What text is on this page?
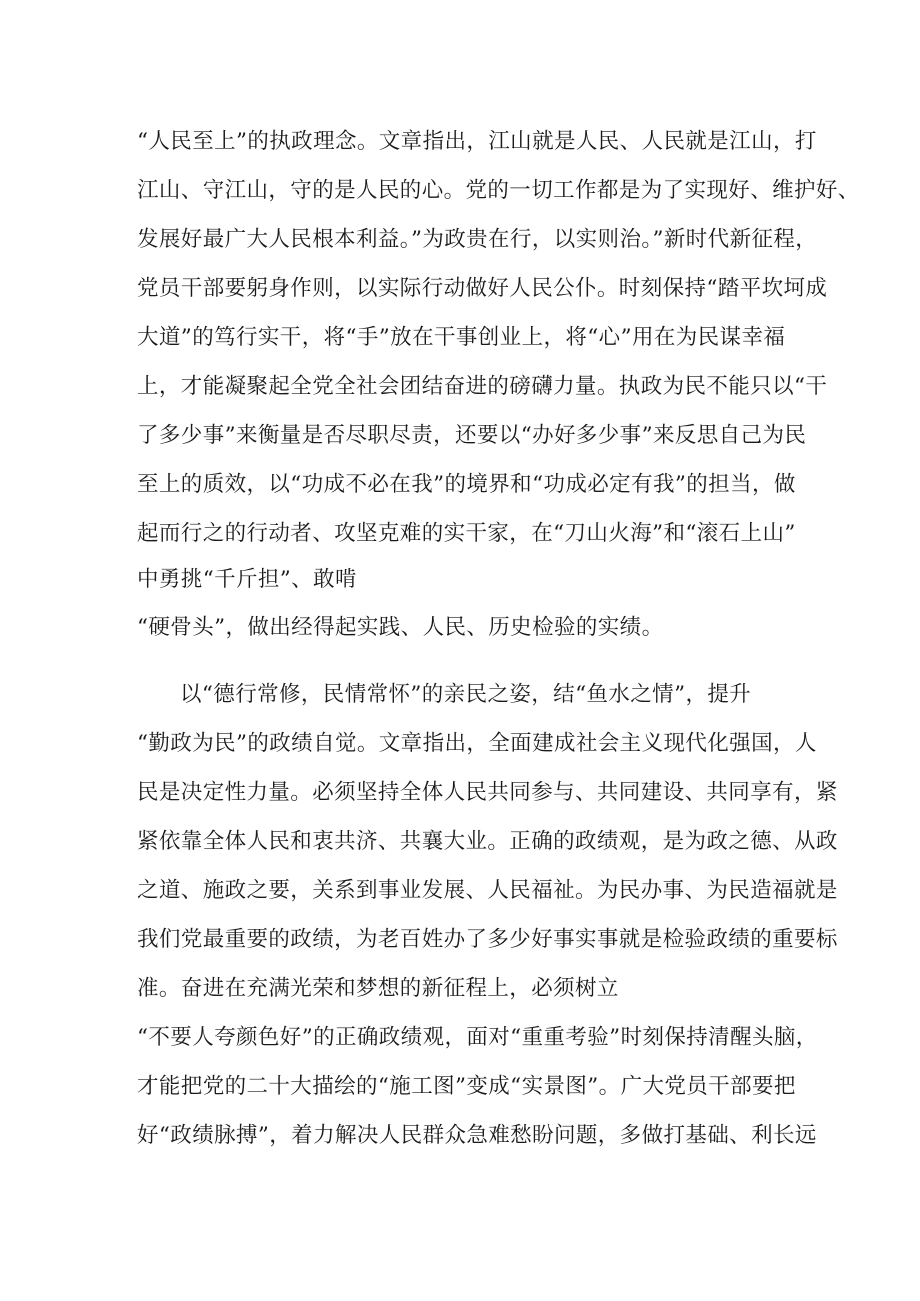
“人民至上”的执政理念。文章指出，江山就是人民、人民就是江山，打
江山、守江山，守的是人民的心。党的一切工作都是为了实现好、维护好、
发展好最广大人民根本利益。”为政贵在行，以实则治。”新时代新征程，
党员干部要躬身作则，以实际行动做好人民公仆。时刻保持“踏平坎坷成
大道”的笃行实干，将“手”放在干事创业上，将“心”用在为民谋幸福
上，才能凝聚起全党全社会团结奋进的磅礴力量。执政为民不能只以“干
了多少事”来衡量是否尽职尽责，还要以“办好多少事”来反思自己为民
至上的质效，以“功成不必在我”的境界和“功成必定有我”的担当，做
起而行之的行动者、攻坚克难的实干家，在“刀山火海”和“滚石上山”
中勇挑“千斤担”、敢啃
“硬骨头”，做出经得起实践、人民、历史检验的实绩。
以“德行常修，民情常怀”的亲民之姿，结“鱼水之情”，提升
“勤政为民”的政绩自觉。文章指出，全面建成社会主义现代化强国，人
民是决定性力量。必须坚持全体人民共同参与、共同建设、共同享有，紧
紧依靠全体人民和衷共济、共襄大业。正确的政绩观，是为政之德、从政
之道、施政之要，关系到事业发展、人民福祉。为民办事、为民造福就是
我们党最重要的政绩，为老百姓办了多少好事实事就是检验政绩的重要标
准。奋进在充满光荣和梦想的新征程上，必须树立
“不要人夸颜色好”的正确政绩观，面对“重重考验”时刻保持清醒头脑，
才能把党的二十大描绘的“施工图”变成“实景图”。广大党员干部要把
好“政绩脉搏”，着力解决人民群众急难愁盼问题，多做打基础、利长远
